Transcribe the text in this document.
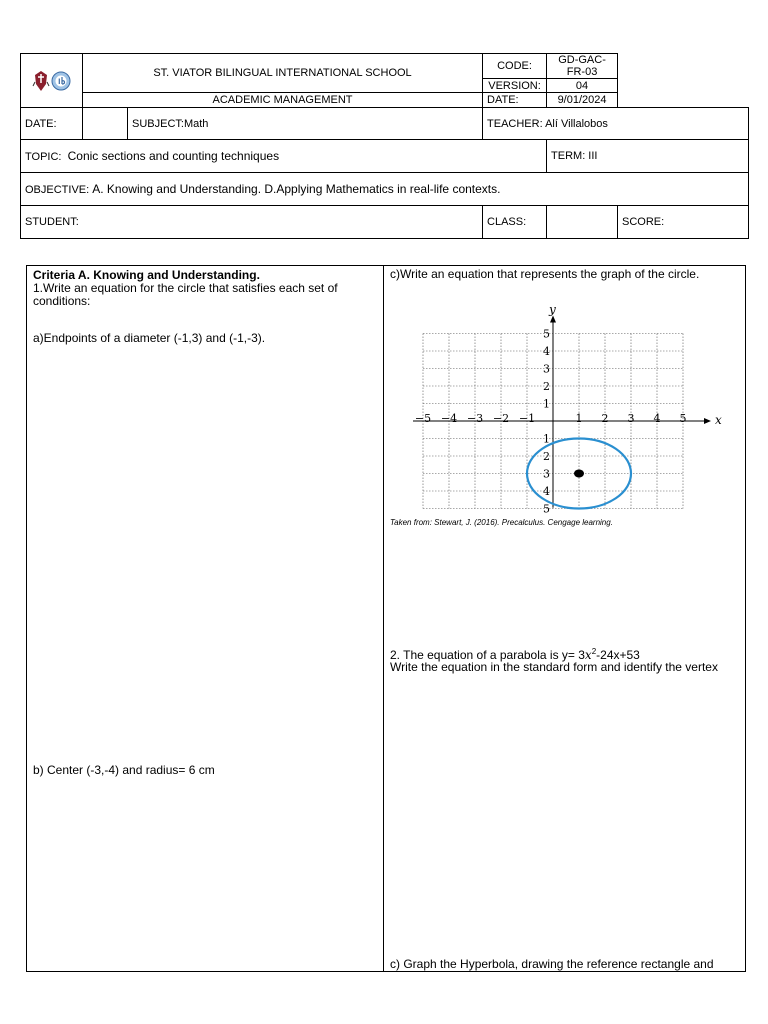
	ST. VIATOR BILINGUAL INTERNATIONAL SCHOOL		CODE:	GD-GAC-FR-03		
			VERSION:	04		
	ACADEMIC MANAGEMENT		DATE:	9/01/2024		
DATE:		SUBJECT:Math	TEACHER: Alí Villalobos			
TOPIC: Conic sections and counting techniques				TERM: III		
OBJECTIVE: A. Knowing and Understanding. D.Applying Mathematics in real-life contexts.						
STUDENT:			CLASS:		SCORE:	
Criteria A. Knowing and Understanding.
1.Write an equation for the circle that satisfies each set of
conditions:
a)Endpoints of a diameter (-1,3) and (-1,-3).
b) Center (-3,-4) and radius= 6 cm
c)Write an equation that represents the graph of the circle.
x
y
−5 −4 −3 −2 −1	1 2 3 4 5
1
2
3
4
5
1
2
3
4
5
Taken from: Stewart, J. (2016). Precalculus. Cengage learning.
2. The equation of a parabola is $y= 3x^2-24x+53$
Write the equation in the standard form and identify the vertex
c) Graph the Hyperbola, drawing the reference rectangle and
